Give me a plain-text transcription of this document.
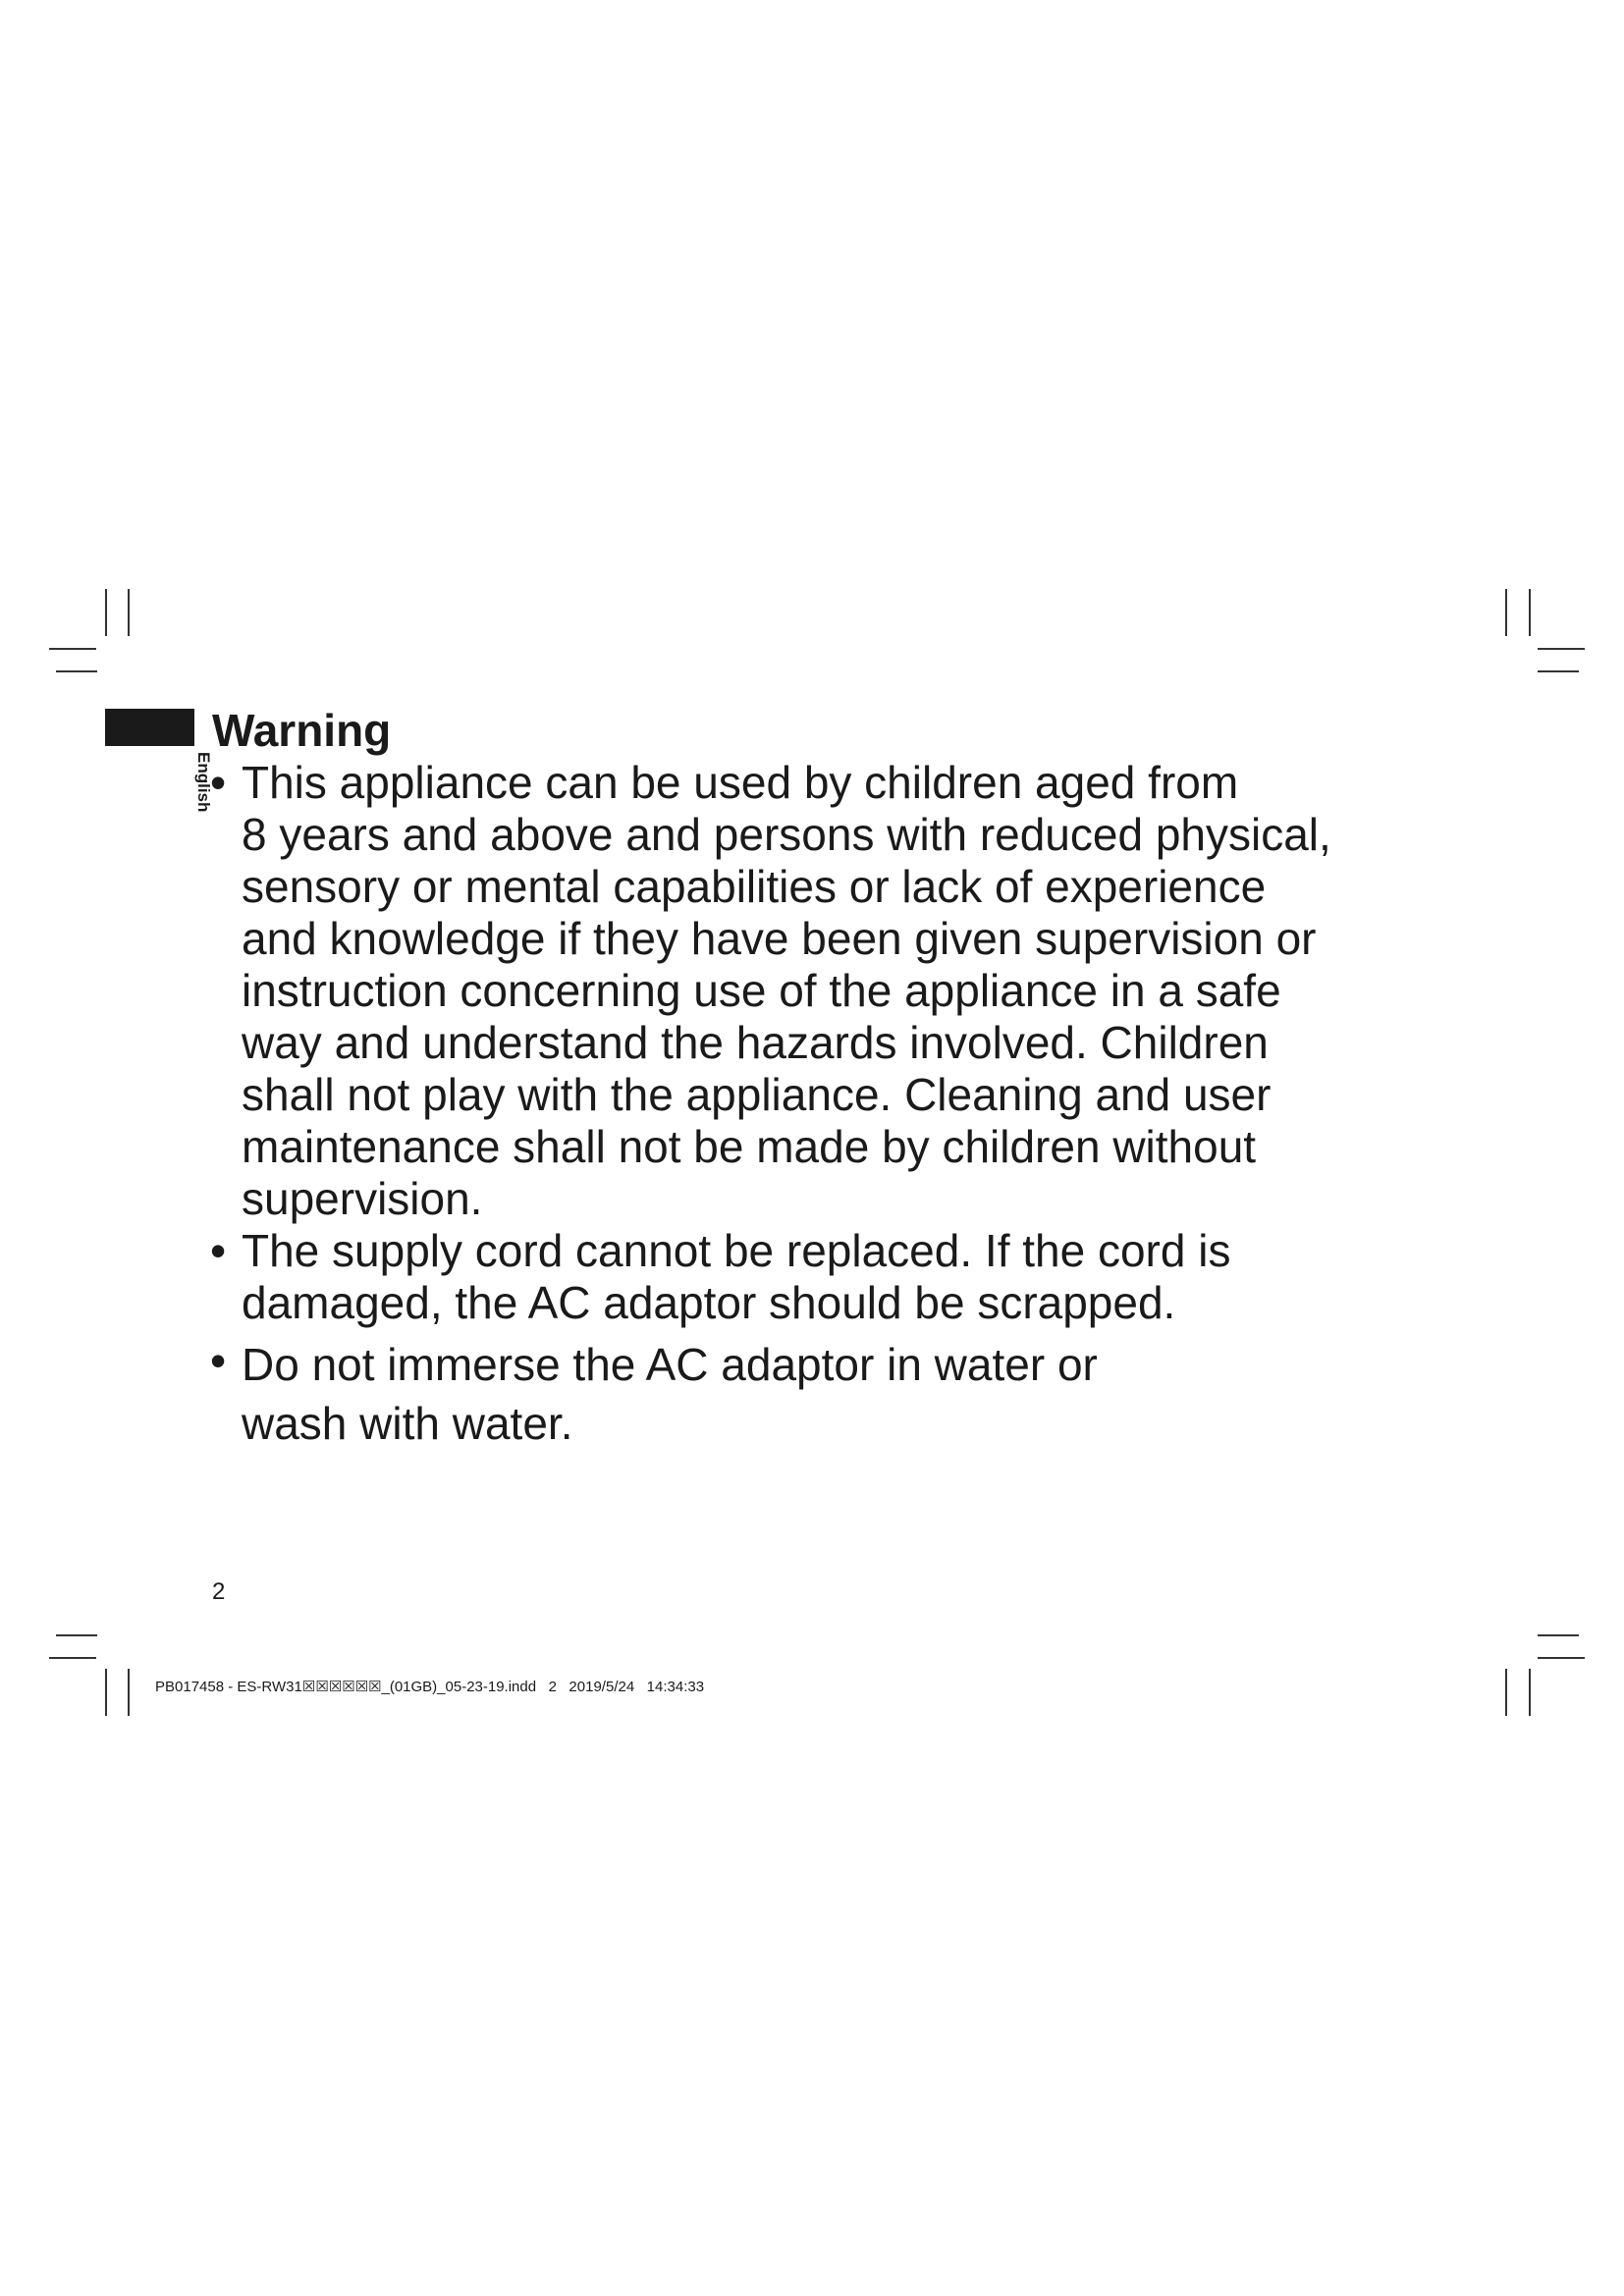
English
Warning
• This appliance can be used by children aged from
8 years and above and persons with reduced physical,
sensory or mental capabilities or lack of experience
and knowledge if they have been given supervision or
instruction concerning use of the appliance in a safe
way and understand the hazards involved. Children
shall not play with the appliance. Cleaning and user
maintenance shall not be made by children without
supervision.
• The supply cord cannot be replaced. If the cord is
damaged, the AC adaptor should be scrapped.
• Do not immerse the AC adaptor in water or
wash with water.
2
PB017458 - ES-RW31☒☒☒☒☒☒_(01GB)_05-23-19.indd   2   2019/5/24   14:34:33
